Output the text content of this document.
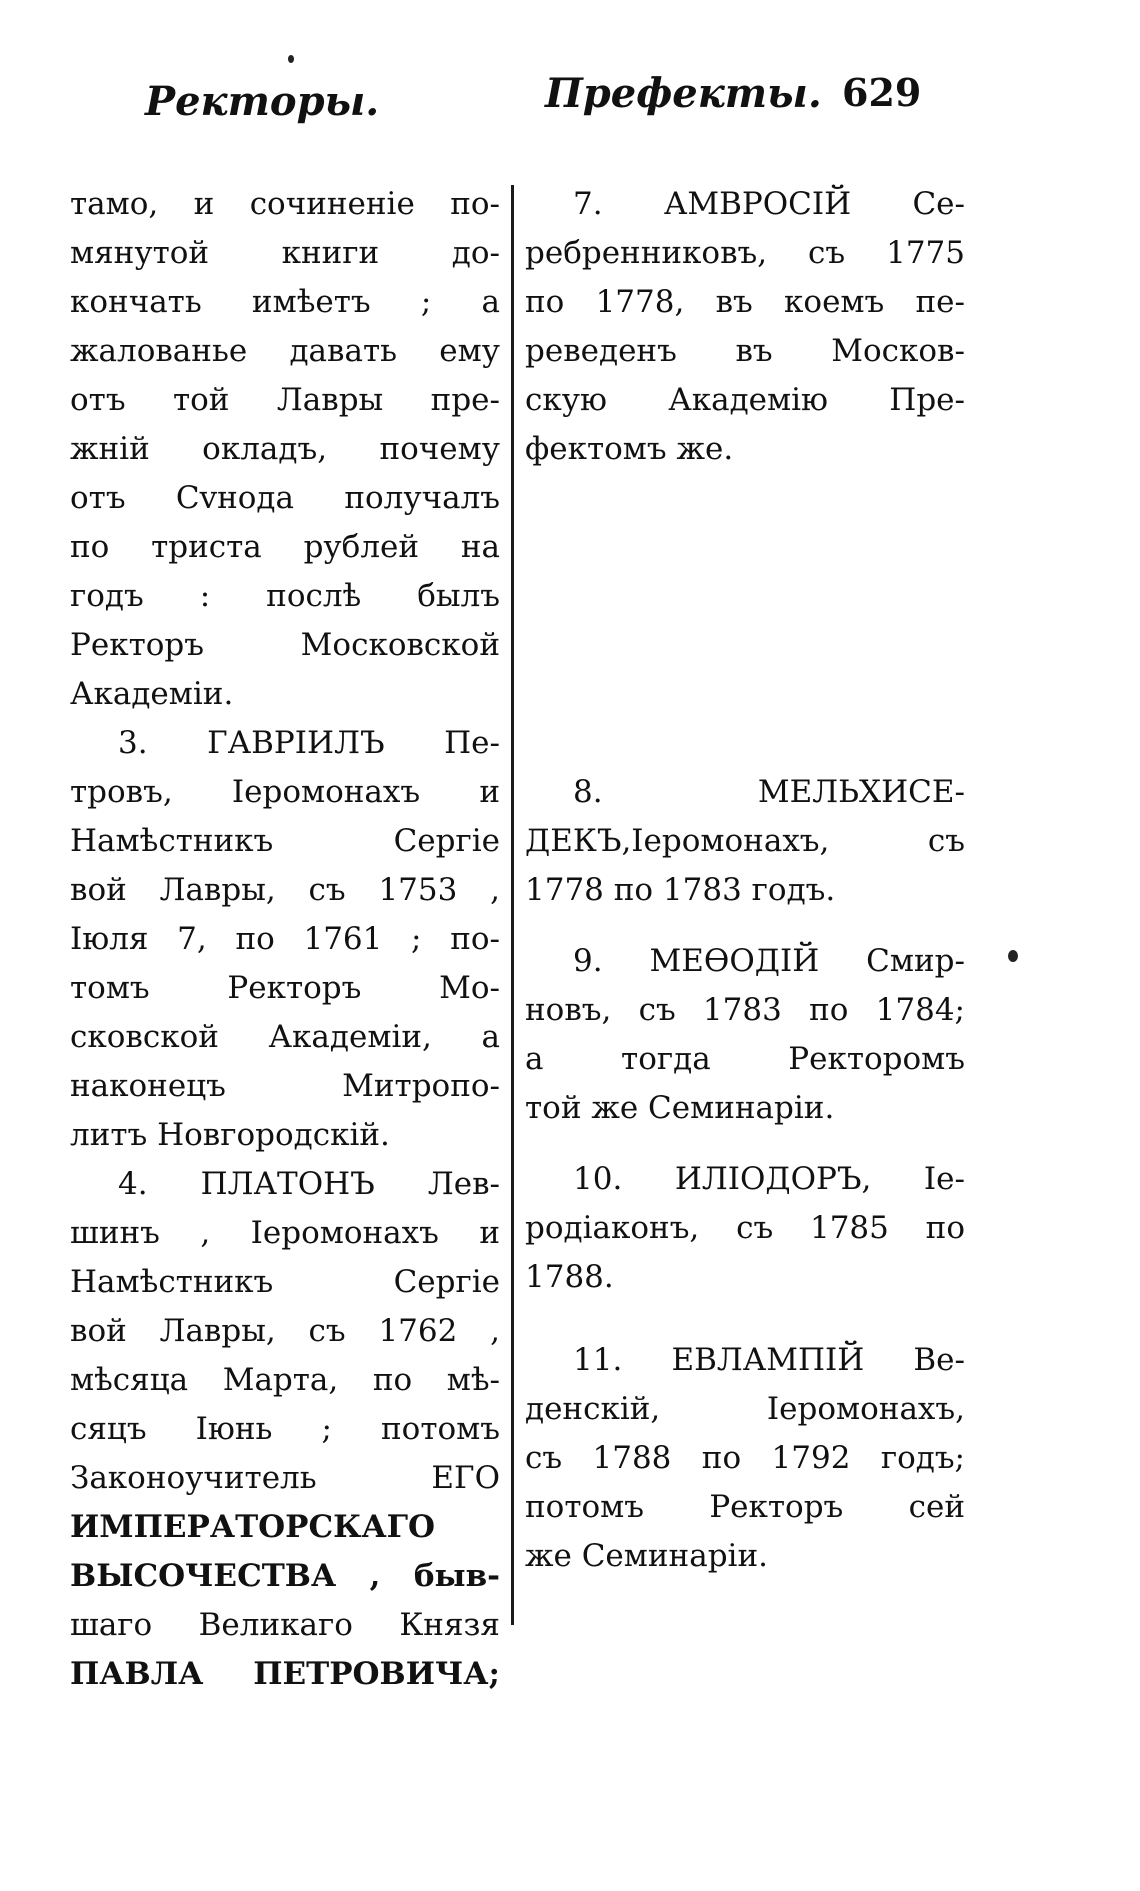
Ректоры.	Префекты. 629
тамо, и сочиненіе по-
мянутой книги до-
кончать имѣетъ ; а
жалованье давать ему
отъ той Лавры пре-
жній окладъ, почему
отъ Сvнода получалъ
по триста рублей на
годъ : послѣ былъ
Ректоръ Московской
Академіи.
3. ГАВРІИЛЪ Пе-
тровъ, Іеромонахъ и
Намѣстникъ Сергіе
вой Лавры, съ 1753 ,
Іюля 7, по 1761 ; по-
томъ Ректоръ Мо-
сковской Академіи, а
наконецъ Митропо-
литъ Новгородскій.
4. ПЛАТОНЪ Лев-
шинъ , Іеромонахъ и
Намѣстникъ Сергіе
вой Лавры, съ 1762 ,
мѣсяца Марта, по мѣ-
сяцъ Іюнь ; потомъ
Законоучитель ЕГО
ИМПЕРАТОРСКАГО
ВЫСОЧЕСТВА , быв-
шаго Великаго Князя
ПАВЛА ПЕТРОВИЧА;
7. АМВРОСІЙ Се-
ребренниковъ, съ 1775
по 1778, въ коемъ пе-
реведенъ въ Москов-
скую Академію Пре-
фектомъ же.
8. МЕЛЬХИСЕ-
ДЕКЪ,Іеромонахъ, съ
1778 по 1783 годъ.
9. МЕѲОДІЙ Смир-
новъ, съ 1783 по 1784;
а тогда Ректоромъ
той же Семинаріи.
10. ИЛІОДОРЪ, Іе-
родіаконъ, съ 1785 по
1788.
11. ЕВЛАМПІЙ Ве-
денскій, Іеромонахъ,
съ 1788 по 1792 годъ;
потомъ Ректоръ сей
же Семинаріи.
